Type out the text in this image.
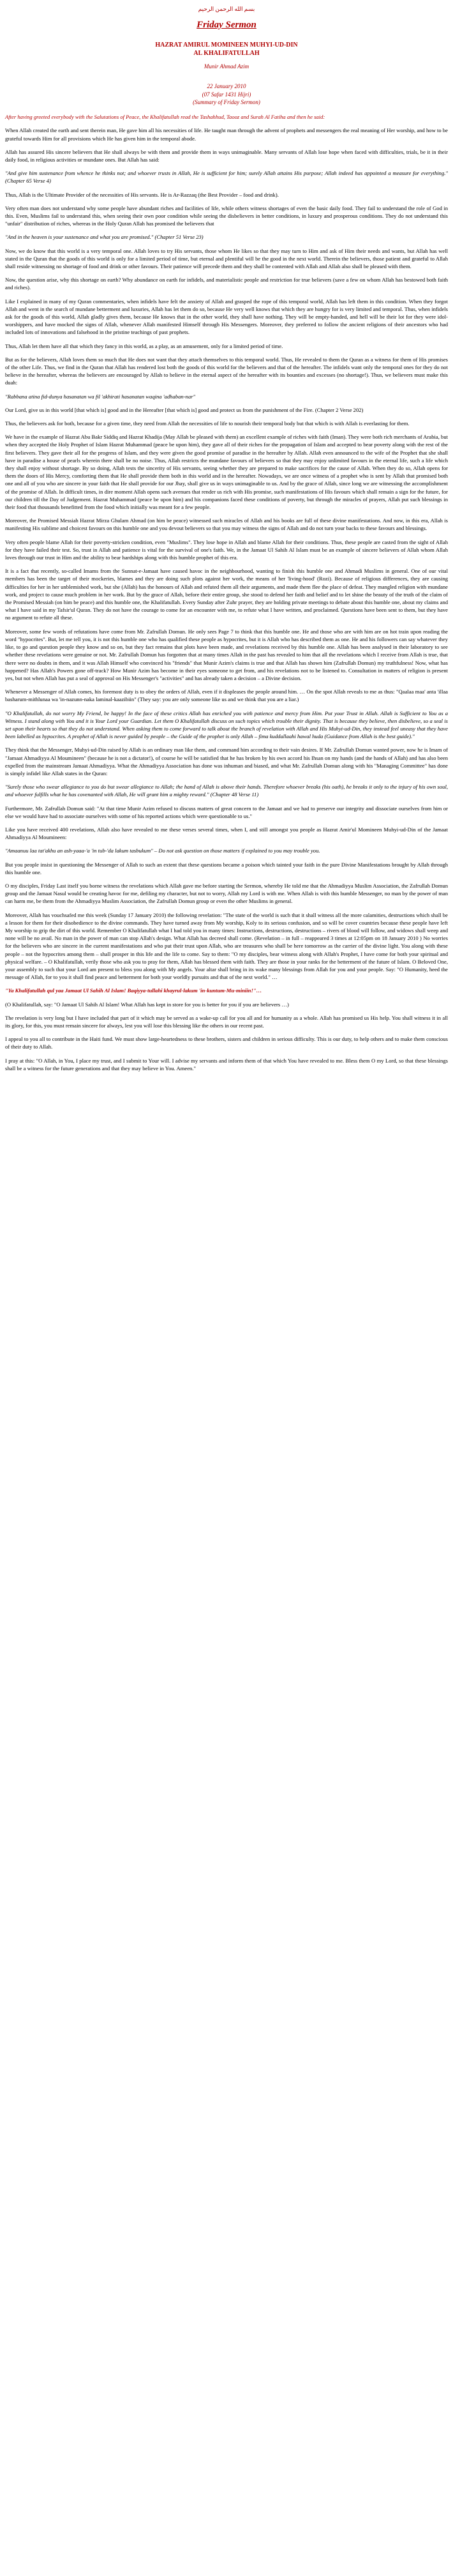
بسم الله الرحمن الرحيم
Friday Sermon
HAZRAT AMIRUL MOMINEEN MUHYI-UD-DIN
AL KHALIFATULLAH
Munir Ahmad Azim
22 January 2010
(07 Safar 1431 Hijri)
(Summary of Friday Sermon)

After having greeted everybody with the Salutations of Peace, the Khalifatullah read the Tashahhud, Taooz and Surah Al Fatiha and then he said:

When Allah created the earth and sent therein man, He gave him all his necessities of life. He taught man through the advent of prophets and messengers the real meaning of Her worship, and how to be grateful towards Him for all provisions which He has given him in the temporal abode.

Allah has assured His sincere believers that He shall always be with them and provide them in ways unimaginable. Many servants of Allah lose hope when faced with difficulties, trials, be it in their daily food, in religious activities or mundane ones. But Allah has said:

"And give him sustenance from whence he thinks not; and whoever trusts in Allah, He is sufficient for him; surely Allah attains His purpose; Allah indeed has appointed a measure for everything." (Chapter 65 Verse 4)

Thus, Allah is the Ultimate Provider of the necessities of His servants. He is Ar-Razzaq (the Best Provider – food and drink).

Very often man does not understand why some people have abundant riches and facilities of life, while others witness shortages of even the basic daily food. They fail to understand the role of God in this. Even, Muslims fail to understand this, when seeing their own poor condition while seeing the disbelievers in better conditions, in luxury and prosperous conditions. They do not understand this "unfair" distribution of riches, whereas in the Holy Quran Allah has promised the believers that

"And in the heaven is your sustenance and what you are promised." (Chapter 51 Verse 23)

Now, we do know that this world is a very temporal one. Allah loves to try His servants, those whom He likes so that they may turn to Him and ask of Him their needs and wants, but Allah has well stated in the Quran that the goods of this world is only for a limited period of time, but eternal and plentiful will be the good in the next world. Therein the believers, those patient and grateful to Allah shall reside witnessing no shortage of food and drink or other favours. Their patience will precede them and they shall be contented with Allah and Allah also shall be pleased with them.

Now, the question arise, why this shortage on earth? Why abundance on earth for infidels, and materialistic people and restriction for true believers (save a few on whom Allah has bestowed both faith and riches).

Like I explained in many of my Quran commentaries, when infidels have felt the anxiety of Allah and grasped the rope of this temporal world, Allah has left them in this condition. When they forgot Allah and went in the search of mundane betterment and luxuries, Allah has let them do so, because He very well knows that which they are hungry for is very limited and temporal. Thus, when infidels ask for the goods of this world, Allah gladly gives them, because He knows that in the other world, they shall have nothing. They will be empty-handed, and hell will be their lot for they were idol-worshippers, and have mocked the signs of Allah, whenever Allah manifested Himself through His Messengers. Moreover, they preferred to follow the ancient religions of their ancestors who had included lots of innovations and falsehood in the pristine teachings of past prophets.

Thus, Allah let them have all that which they fancy in this world, as a play, as an amusement, only for a limited period of time.

But as for the believers, Allah loves them so much that He does not want that they attach themselves to this temporal world. Thus, He revealed to them the Quran as a witness for them of His promises of the other Life. Thus, we find in the Quran that Allah has rendered lost both the goods of this world for the believers and that of the hereafter. The infidels want only the temporal ones for they do not believe in the hereafter, whereas the believers are encouraged by Allah to believe in the eternal aspect of the hereafter with its bounties and excesses (no shortage!). Thus, we believers must make this duah:

"Rabbana atina fid-dunya hasanatan wa fil 'akhirati hasanatan waqina 'adhaban-nar"

Our Lord, give us in this world [that which is] good and in the Hereafter [that which is] good and protect us from the punishment of the Fire. (Chapter 2 Verse 202)

Thus, the believers ask for both, because for a given time, they need from Allah the necessities of life to nourish their temporal body but that which is with Allah is everlasting for them.

We have in the example of Hazrat Abu Bakr Siddiq and Hazrat Khadija (May Allah be pleased with them) an excellent example of riches with faith (Iman). They were both rich merchants of Arabia, but when they accepted the Holy Prophet of Islam Hazrat Muhammad (peace be upon him), they gave all of their riches for the propagation of Islam and accepted to bear poverty along with the rest of the first believers. They gave their all for the progress of Islam, and they were given the good promise of paradise in the hereafter by Allah. Allah even announced to the wife of the Prophet that she shall have in paradise a house of pearls wherein there shall be no noise. Thus, Allah restricts the mundane favours of believers so that they may enjoy unlimited favours in the eternal life, such a life which they shall enjoy without shortage. By so doing, Allah tests the sincerity of His servants, seeing whether they are prepared to make sacrifices for the cause of Allah. When they do so, Allah opens for them the doors of His Mercy, comforting them that He shall provide them both in this world and in the hereafter. Nowadays, we are once witness of a prophet who is sent by Allah that promised both one and all of you who are sincere in your faith that He shall provide for our Jhay, shall give us in ways unimaginable to us. And by the grace of Allah, since long we are witnessing the accomplishment of the promise of Allah. In difficult times, in dire moment Allah opens such avenues that render us rich with His promise, such manifestations of His favours which shall remain a sign for the future, for our children till the Day of Judgement. Hazrat Muhammad (peace be upon him) and his companions faced these conditions of poverty, but through the miracles of prayers, Allah put such blessings in their food that thousands benefitted from the food which initially was meant for a few people.

Moreover, the Promised Messiah Hazrat Mirza Ghulam Ahmad (on him be peace) witnessed such miracles of Allah and his books are full of these divine manifestations. And now, in this era, Allah is manifesting His sublime and choicest favours on this humble one and you devout believers so that you may witness the signs of Allah and do not turn your backs to these favours and blessings.

Very often people blame Allah for their poverty-stricken condition, even "Muslims". They lose hope in Allah and blame Allah for their conditions. Thus, these people are casted from the sight of Allah for they have failed their test. So, trust in Allah and patience is vital for the survival of one's faith. We, in the Jamaat Ul Sahih Al Islam must be an example of sincere believers of Allah whom Allah loves through our trust in Him and the ability to bear hardships along with this humble prophet of this era.

It is a fact that recently, so-called Imams from the Sunnat-e-Jamaat have caused havoc in the neighbourhood, wanting to finish this humble one and Ahmadi Muslims in general. One of our vital members has been the target of their mockeries, blames and they are doing such plots against her work, the means of her 'living-hood' (Rozi). Because of religious differences, they are causing difficulties for her in her unblemished work, but she (Allah) has the honours of Allah and refuted them all their arguments, and made them flee the place of defeat. They mangled religion with mundane work, and project to cause much problem in her work. But by the grace of Allah, before their entire group, she stood to defend her faith and belief and to let shine the beauty of the truth of the claim of the Promised Messiah (on him be peace) and this humble one, the Khalifatullah. Every Sunday after Zuhr prayer, they are holding private meetings to debate about this humble one, about my claims and what I have said in my Tafsir'ul Quran. They do not have the courage to come for an encounter with me, to refute what I have written, and proclaimed. Questions have been sent to them, but they have no argument to refute all these.

Moreover, some few words of refutations have come from Mr. Zafrullah Domun. He only sees Page 7 to think that this humble one. He and those who are with him are on hot train upon reading the word "hypocrites". But, let me tell you, it is not this humble one who has qualified these people as hypocrites, but it is Allah who has described them as one. He and his followers can say whatever they like, to go and question people they know and so on, but they fact remains that plots have been made, and revelations received by this humble one. Allah has been analysed in their laboratory to see whether these revelations were genuine or not. Mr. Zafrullah Domun has forgotten that at many times Allah in the past has revealed to him that all the revelations which I receive from Allah is true, that there were no doubts in them, and it was Allah Himself who convinced his "friends" that Munir Azim's claims is true and that Allah has shown him (Zafrullah Domun) my truthfulness! Now, what has happened? Has Allah's Powers gone off-track? How Munir Azim has become in their eyes someone to get from, and his revelations not to be listened to. Consultation in matters of religion is present yes, but not when Allah has put a seal of approval on His Messenger's "activities" and has already taken a decision – a Divine decision.

Whenever a Messenger of Allah comes, his foremost duty is to obey the orders of Allah, even if it displeases the people around him. … On the spot Allah reveals to me as thus: "Qaalaa maa' anta 'illaa basharum-mithlunaa wa 'in-nazunn-naka laminal-kaazibiin" (They say: you are only someone like us and we think that you are a liar.)

"O Khalifatullah, do not worry My Friend, be happy! In the face of these critics Allah has enriched you with patience and mercy from Him. Put your Trust in Allah. Allah is Sufficient to You as a Witness. I stand along with You and it is Your Lord your Guardian. Let them O Khalifatullah discuss on such topics which trouble their dignity. That is because they believe, then disbelieve, so a seal is set upon their hearts so that they do not understand. When asking them to come forward to talk about the branch of revelation with Allah and His Muhyi-ud-Din, they instead feel uneasy that they have been labelled as hypocrites. A prophet of Allah is never guided by people – the Guide of the prophet is only Allah – fima kuddallaahi hawal huda (Guidance from Allah is the best guide)."

They think that the Messenger, Muhyi-ud-Din raised by Allah is an ordinary man like them, and command him according to their vain desires. If Mr. Zafrullah Domun wanted power, now he is Imam of "Jamaat Ahmadiyya Al Moumineen" (because he is not a dictator!), of course he will be satisfied that he has broken by his own accord his Ihsan on my hands (and the hands of Allah) and has also been expelled from the mainstream Jamaat Ahmadiyya. What the Ahmadiyya Association has done was inhuman and biased, and what Mr. Zafrullah Domun along with his "Managing Committee" has done is simply infidel like Allah states in the Quran:

"Surely those who swear allegiance to you do but swear allegiance to Allah; the hand of Allah is above their hands. Therefore whoever breaks (his oath), he breaks it only to the injury of his own soul, and whoever fulfills what he has covenanted with Allah, He will grant him a mighty reward." (Chapter 48 Verse 11)

Furthermore, Mr. Zafrullah Domun said: "At that time Munir Azim refused to discuss matters of great concern to the Jamaat and we had to preserve our integrity and dissociate ourselves from him or else we would have had to associate ourselves with some of his reported actions which were questionable to us."

Like you have received 400 revelations, Allah also have revealed to me these verses several times, when I, and still amongst you people as Hazrat Amir'ul Momineen Muhyi-ud-Din of the Jamaat Ahmadiyya Al Moumineen:

"Amaanuu laa tat'akhu an ash-yaaa-'a 'in tub-'da lakum tasbukum" – Do not ask question on those matters if explained to you may trouble you.

But you people insist in questioning the Messenger of Allah to such an extent that these questions became a poison which tainted your faith in the pure Divine Manifestations brought by Allah through this humble one.

O my disciples, Friday Last itself you borne witness the revelations which Allah gave me before starting the Sermon, whereby He told me that the Ahmadiyya Muslim Association, the Zafrullah Domun group and the Jamaat Nasul would be creating havoc for me, defiling my character, but not to worry, Allah my Lord is with me. When Allah is with this humble Messenger, no man by the power of man can harm me, be them from the Ahmadiyya Muslim Association, the Zafrullah Domun group or even the other Muslims in general.

Moreover, Allah has vouchsafed me this week (Sunday 17 January 2010) the following revelation: "The state of the world is such that it shall witness all the more calamities, destructions which shall be a lesson for them for their disobedience to the divine commands. They have turned away from My worship, Koly to its serious confusion, and so will be cover countries because these people have left My worship to grip the dirt of this world. Remember O Khalifatullah what I had told you in many times: Instructions, destructions, destructions – rivers of blood will follow, and widows shall weep and none will be no avail. No man in the power of man can stop Allah's design. What Allah has decreed shall come. (Revelation – in full – reappeared 3 times at 12:05pm on 18 January 2010 ) No worries for the believers who are sincere in the current manifestations and who put their trust upon Allah, who are treasures who shall be here tomorrow as the carrier of the divine light. You along with these people – not the hypocrites among them – shall prosper in this life and the life to come. Say to them: "O my disciples, bear witness along with Allah's Prophet, I have come for both your spiritual and physical welfare. – O Khalifatullah, verily those who ask you to pray for them, Allah has blessed them with faith. They are those in your ranks for the betterment of the future of Islam. O Beloved One, your assembly to such that your Lord am present to bless you along with My angels. Your altar shall bring in its wake many blessings from Allah for you and your people. Say: "O Humanity, heed the message of Allah, for to you it shall find peace and betterment for both your worldly pursuits and that of the next world." …

"Ya Khalifatullah qul yaa Jamaat Ul Sahih Al Islam! Baqiyya-tullahi khayrul-lakum 'in-kuntum-Mu-miniin!"…

(O Khalifatullah, say: "O Jamaat Ul Sahih Al Islam! What Allah has kept in store for you is better for you if you are believers …)

The revelation is very long but I have included that part of it which may be served as a wake-up call for you all and for humanity as a whole. Allah has promised us His help. You shall witness it in all its glory, for this, you must remain sincere for always, lest you will lose this blessing like the others in our recent past.

I appeal to you all to contribute in the Haiti fund. We must show large-heartedness to these brothers, sisters and children in serious difficulty. This is our duty, to help others and to make them conscious of their duty to Allah.

I pray at this: "O Allah, in You, I place my trust, and I submit to Your will. I advise my servants and inform them of that which You have revealed to me. Bless them O my Lord, so that these blessings shall be a witness for the future generations and that they may believe in You. Ameen."
